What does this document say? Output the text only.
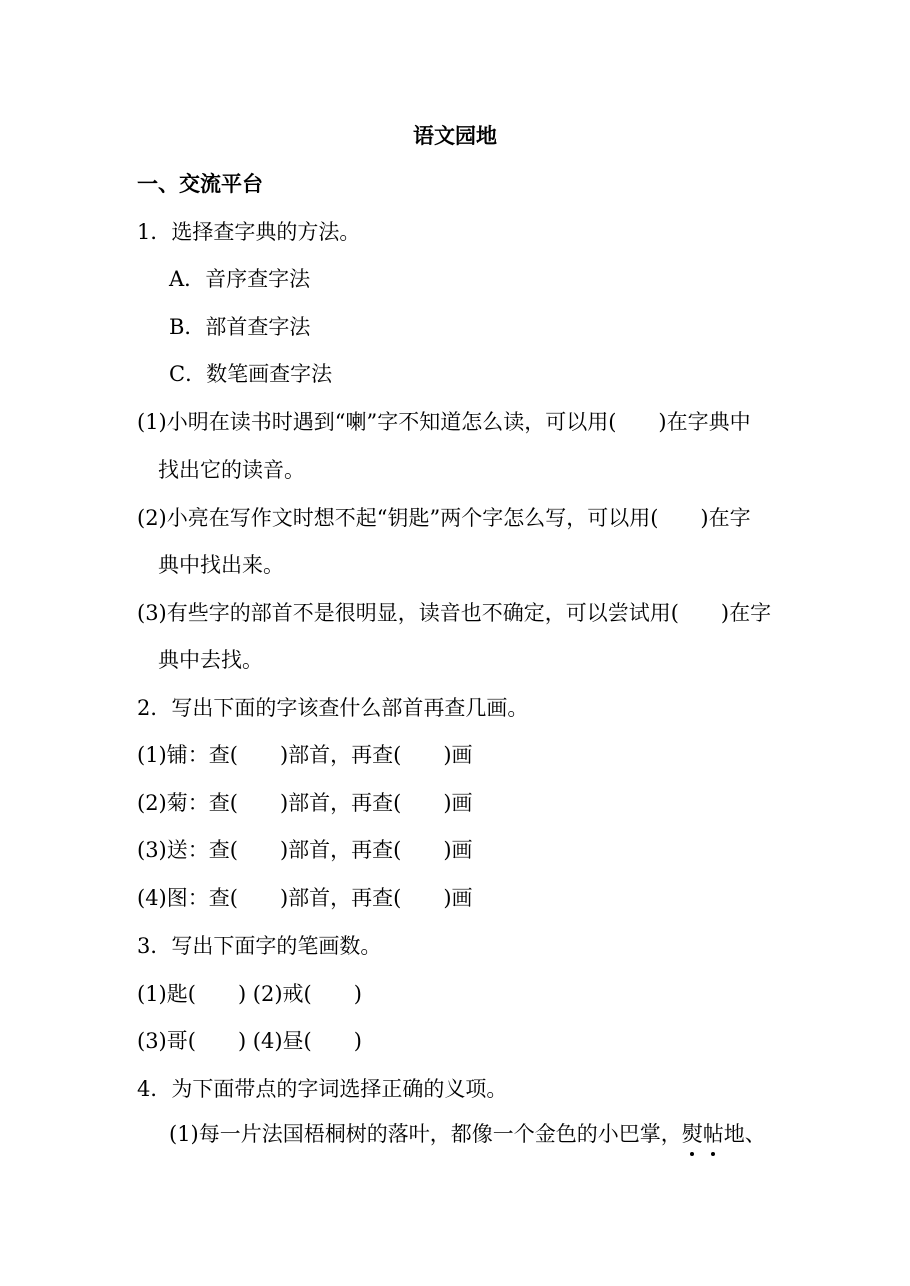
语文园地
一、交流平台
1．选择查字典的方法。
A．音序查字法
B．部首查字法
C．数笔画查字法
(1)小明在读书时遇到“喇”字不知道怎么读，可以用(　　)在字典中
找出它的读音。
(2)小亮在写作文时想不起“钥匙”两个字怎么写，可以用(　　)在字
典中找出来。
(3)有些字的部首不是很明显，读音也不确定，可以尝试用(　　)在字
典中去找。
2．写出下面的字该查什么部首再查几画。
(1)铺：查(　　)部首，再查(　　)画
(2)菊：查(　　)部首，再查(　　)画
(3)送：查(　　)部首，再查(　　)画
(4)图：查(　　)部首，再查(　　)画
3．写出下面字的笔画数。
(1)匙(　　) (2)戒(　　)
(3)哥(　　) (4)昼(　　)
4．为下面带点的字词选择正确的义项。
(1)每一片法国梧桐树的落叶，都像一个金色的小巴掌，熨帖地、
